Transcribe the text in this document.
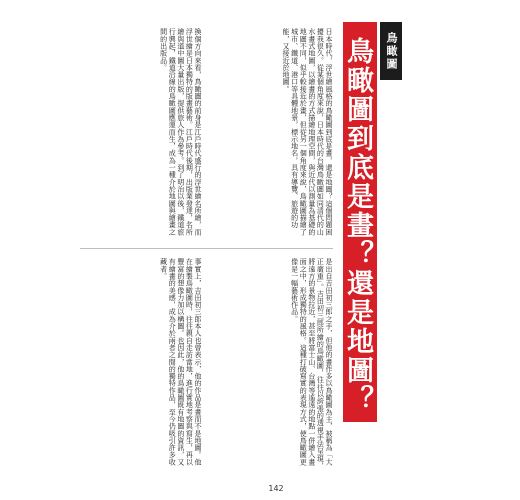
鳥瞰圖
鳥瞰圖到底是畫？還是地圖？
日本時代，浮世繪風格的鳥瞰圖到底是畫，還是地圖？這個問題困擾我很久。從某個角度來說，日本時代的台灣鳥瞰圖如同清代的山水畫式地圖，以繪畫的方式描繪地理空間，與近代以測量為基礎的地圖不同，似乎較接近於畫，但從另一個角度來說，鳥瞰圖描繪了城市、鐵道、港口等具體地景，標示地名，具有導覽、旅遊的功能，又接近於地圖。
換個方向來看，鳥瞰圖的前身是江戶時代盛行的浮世繪名所繪，而浮世繪是日本獨特的版畫藝術。江戶時代後期，出版業發達，名所繪與道中圖大量出版，提供旅人作為參考。到了明治以後，鐵道旅行興起，鐵道沿線的鳥瞰圖應運而生，成為一種介於地圖與繪畫之間的出版品。
是出自吉田初三郎之手，但他的畫作多以鳥瞰圖為主，被稱為「大正廣重」。吉田初三郎所繪的鳥瞰圖，往往以誇張的透視手法呈現，將遠方的景物拉近，甚至將富士山、台灣等遙遠的地點一併繪入畫面之中，形成獨特的風格。這種打破寫實的表現方式，使鳥瞰圖更像是一幅藝術作品。
事實上，吉田初三郎本人也曾表示，他的作品是畫而不是地圖。他在繪製鳥瞰圖時，往往親自走訪當地，進行實地考察與寫生，再以豐富的想像力加以構圖。也因此，他的鳥瞰圖既有地圖的資訊，又有繪畫的美感，成為介於兩者之間的獨特作品，至今仍吸引許多收藏者。
142
